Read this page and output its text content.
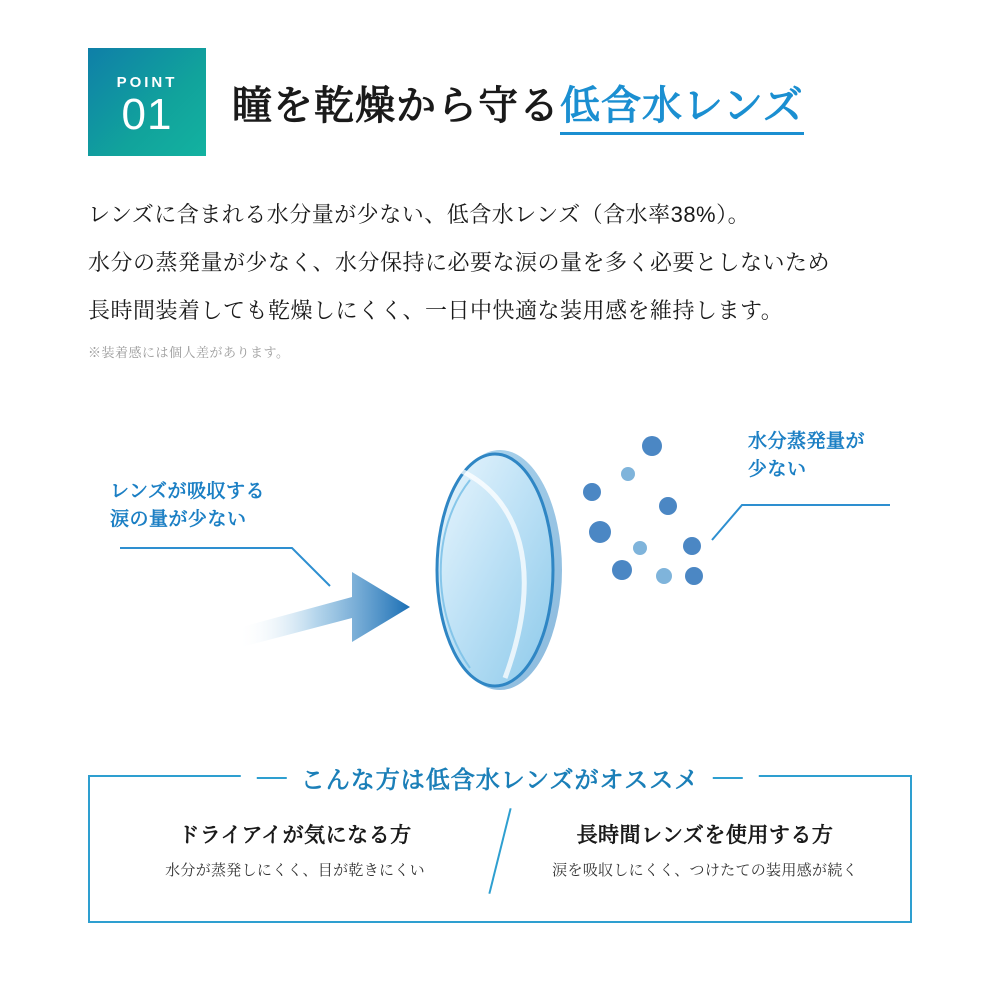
POINT
01 瞳を乾燥から守る低含水レンズ

レンズに含まれる水分量が少ない、低含水レンズ（含水率38%）。

水分の蒸発量が少なく、水分保持に必要な涙の量を多く必要としないため

長時間装着しても乾燥しにくく、一日中快適な装用感を維持します。

※装着感には個人差があります。
レンズが吸収する
涙の量が少ない
水分蒸発量が
少ない
こんな方は低含水レンズがオススメ
ドライアイが気になる方

水分が蒸発しにくく、目が乾きにくい

長時間レンズを使用する方

涙を吸収しにくく、つけたての装用感が続く
